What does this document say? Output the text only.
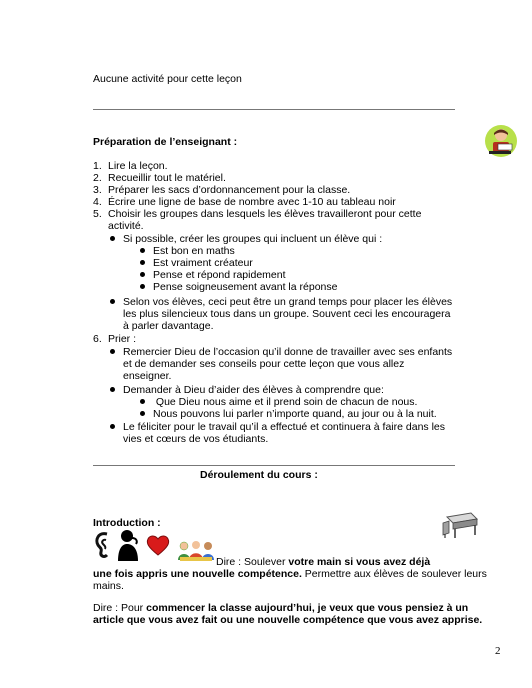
Aucune activité pour cette leçon
Préparation de l’enseignant :
1. Lire la leçon.
2. Recueillir tout le matériel.
3. Préparer les sacs d’ordonnancement pour la classe.
4. Écrire une ligne de base de nombre avec 1-10 au tableau noir
5. Choisir les groupes dans lesquels les élèves travailleront pour cette
activité.
Si possible, créer les groupes qui incluent un élève qui :
Est bon en maths
Est vraiment créateur
Pense et répond rapidement
Pense soigneusement avant la réponse
Selon vos élèves, ceci peut être un grand temps pour placer les élèves
les plus silencieux tous dans un groupe. Souvent ceci les encouragera
à parler davantage.
6. Prier :
Remercier Dieu de l’occasion qu’il donne de travailler avec ses enfants
et de demander ses conseils pour cette leçon que vous allez
enseigner.
Demander à Dieu d’aider des élèves à comprendre que:
Que Dieu nous aime et il prend soin de chacun de nous.
Nous pouvons lui parler n’importe quand, au jour ou à la nuit.
Le féliciter pour le travail qu’il a effectué et continuera à faire dans les
vies et cœurs de vos étudiants.
Déroulement du cours :
Introduction :
Dire : Soulever votre main si vous avez déjà
une fois appris une nouvelle compétence. Permettre aux élèves de soulever leurs
mains.
Dire : Pour commencer la classe aujourd’hui, je veux que vous pensiez à un
article que vous avez fait ou une nouvelle compétence que vous avez apprise.
2
